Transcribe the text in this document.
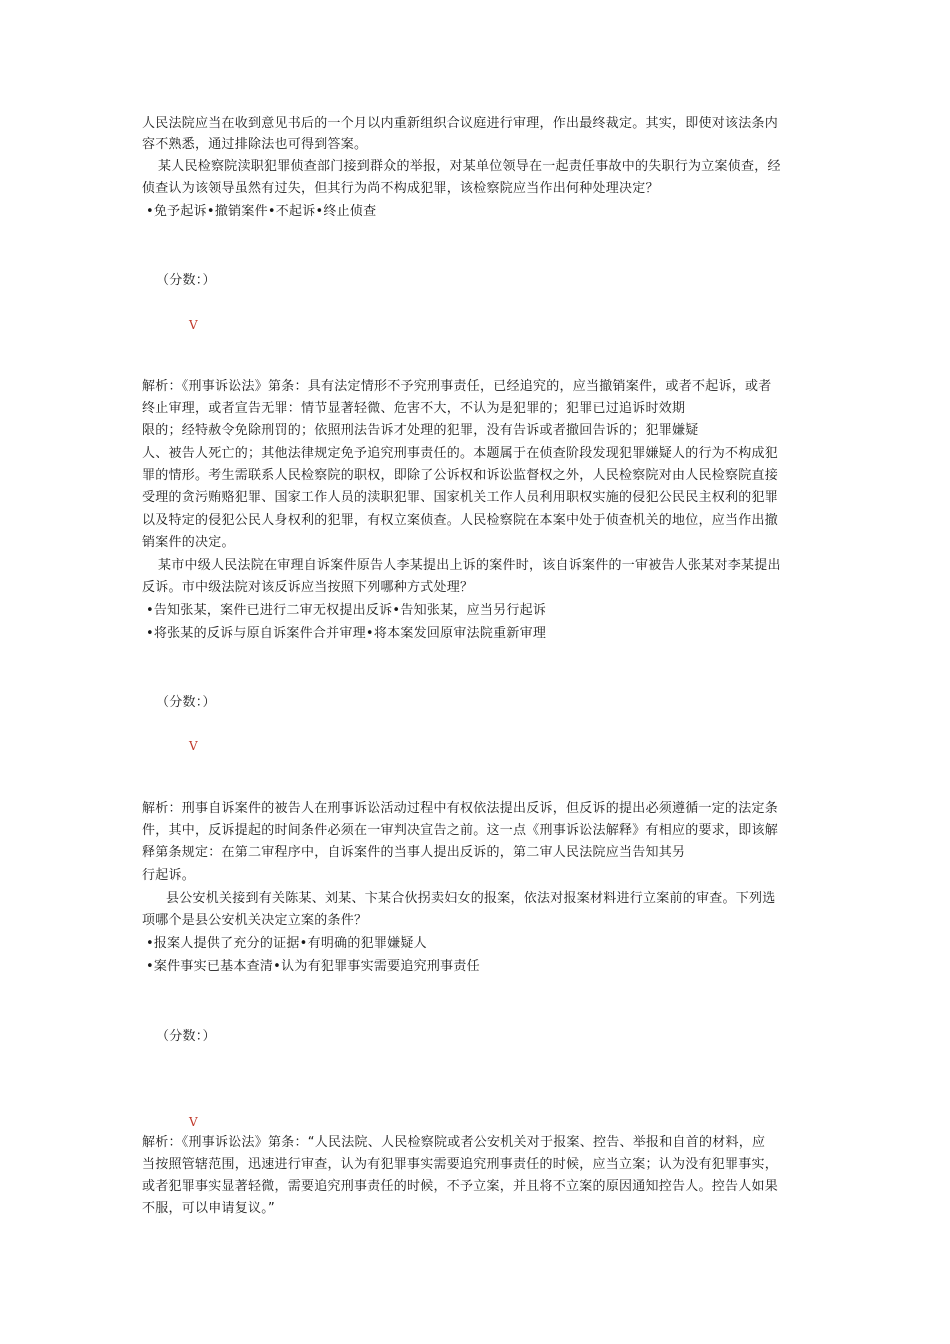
人民法院应当在收到意见书后的一个月以内重新组织合议庭进行审理，作出最终裁定。其实，即使对该法条内
容不熟悉，通过排除法也可得到答案。
某人民检察院渎职犯罪侦查部门接到群众的举报，对某单位领导在一起责任事故中的失职行为立案侦查，经
侦查认为该领导虽然有过失，但其行为尚不构成犯罪，该检察院应当作出何种处理决定？
•免予起诉•撤销案件•不起诉•终止侦查
（分数：）
V
解析：《刑事诉讼法》第条：具有法定情形不予究刑事责任，已经追究的，应当撤销案件，或者不起诉，或者
终止审理，或者宣告无罪：情节显著轻微、危害不大，不认为是犯罪的；犯罪已过追诉时效期
限的；经特赦令免除刑罚的；依照刑法告诉才处理的犯罪，没有告诉或者撤回告诉的；犯罪嫌疑
人、被告人死亡的；其他法律规定免予追究刑事责任的。本题属于在侦查阶段发现犯罪嫌疑人的行为不构成犯
罪的情形。考生需联系人民检察院的职权，即除了公诉权和诉讼监督权之外，人民检察院对由人民检察院直接
受理的贪污贿赂犯罪、国家工作人员的渎职犯罪、国家机关工作人员利用职权实施的侵犯公民民主权利的犯罪
以及特定的侵犯公民人身权利的犯罪，有权立案侦查。人民检察院在本案中处于侦查机关的地位，应当作出撤
销案件的决定。
某市中级人民法院在审理自诉案件原告人李某提出上诉的案件时，该自诉案件的一审被告人张某对李某提出
反诉。市中级法院对该反诉应当按照下列哪种方式处理？
•告知张某，案件已进行二审无权提出反诉•告知张某，应当另行起诉
•将张某的反诉与原自诉案件合并审理•将本案发回原审法院重新审理
（分数：）
V
解析：刑事自诉案件的被告人在刑事诉讼活动过程中有权依法提出反诉，但反诉的提出必须遵循一定的法定条
件，其中，反诉提起的时间条件必须在一审判决宣告之前。这一点《刑事诉讼法解释》有相应的要求，即该解
释第条规定：在第二审程序中，自诉案件的当事人提出反诉的，第二审人民法院应当告知其另
行起诉。
县公安机关接到有关陈某、刘某、卞某合伙拐卖妇女的报案，依法对报案材料进行立案前的审查。下列选
项哪个是县公安机关决定立案的条件？
•报案人提供了充分的证据•有明确的犯罪嫌疑人
•案件事实已基本查清•认为有犯罪事实需要追究刑事责任
（分数：）
V
解析：《刑事诉讼法》第条：“人民法院、人民检察院或者公安机关对于报案、控告、举报和自首的材料，应
当按照管辖范围，迅速进行审查，认为有犯罪事实需要追究刑事责任的时候，应当立案；认为没有犯罪事实，
或者犯罪事实显著轻微，需要追究刑事责任的时候，不予立案，并且将不立案的原因通知控告人。控告人如果
不服，可以申请复议。”
